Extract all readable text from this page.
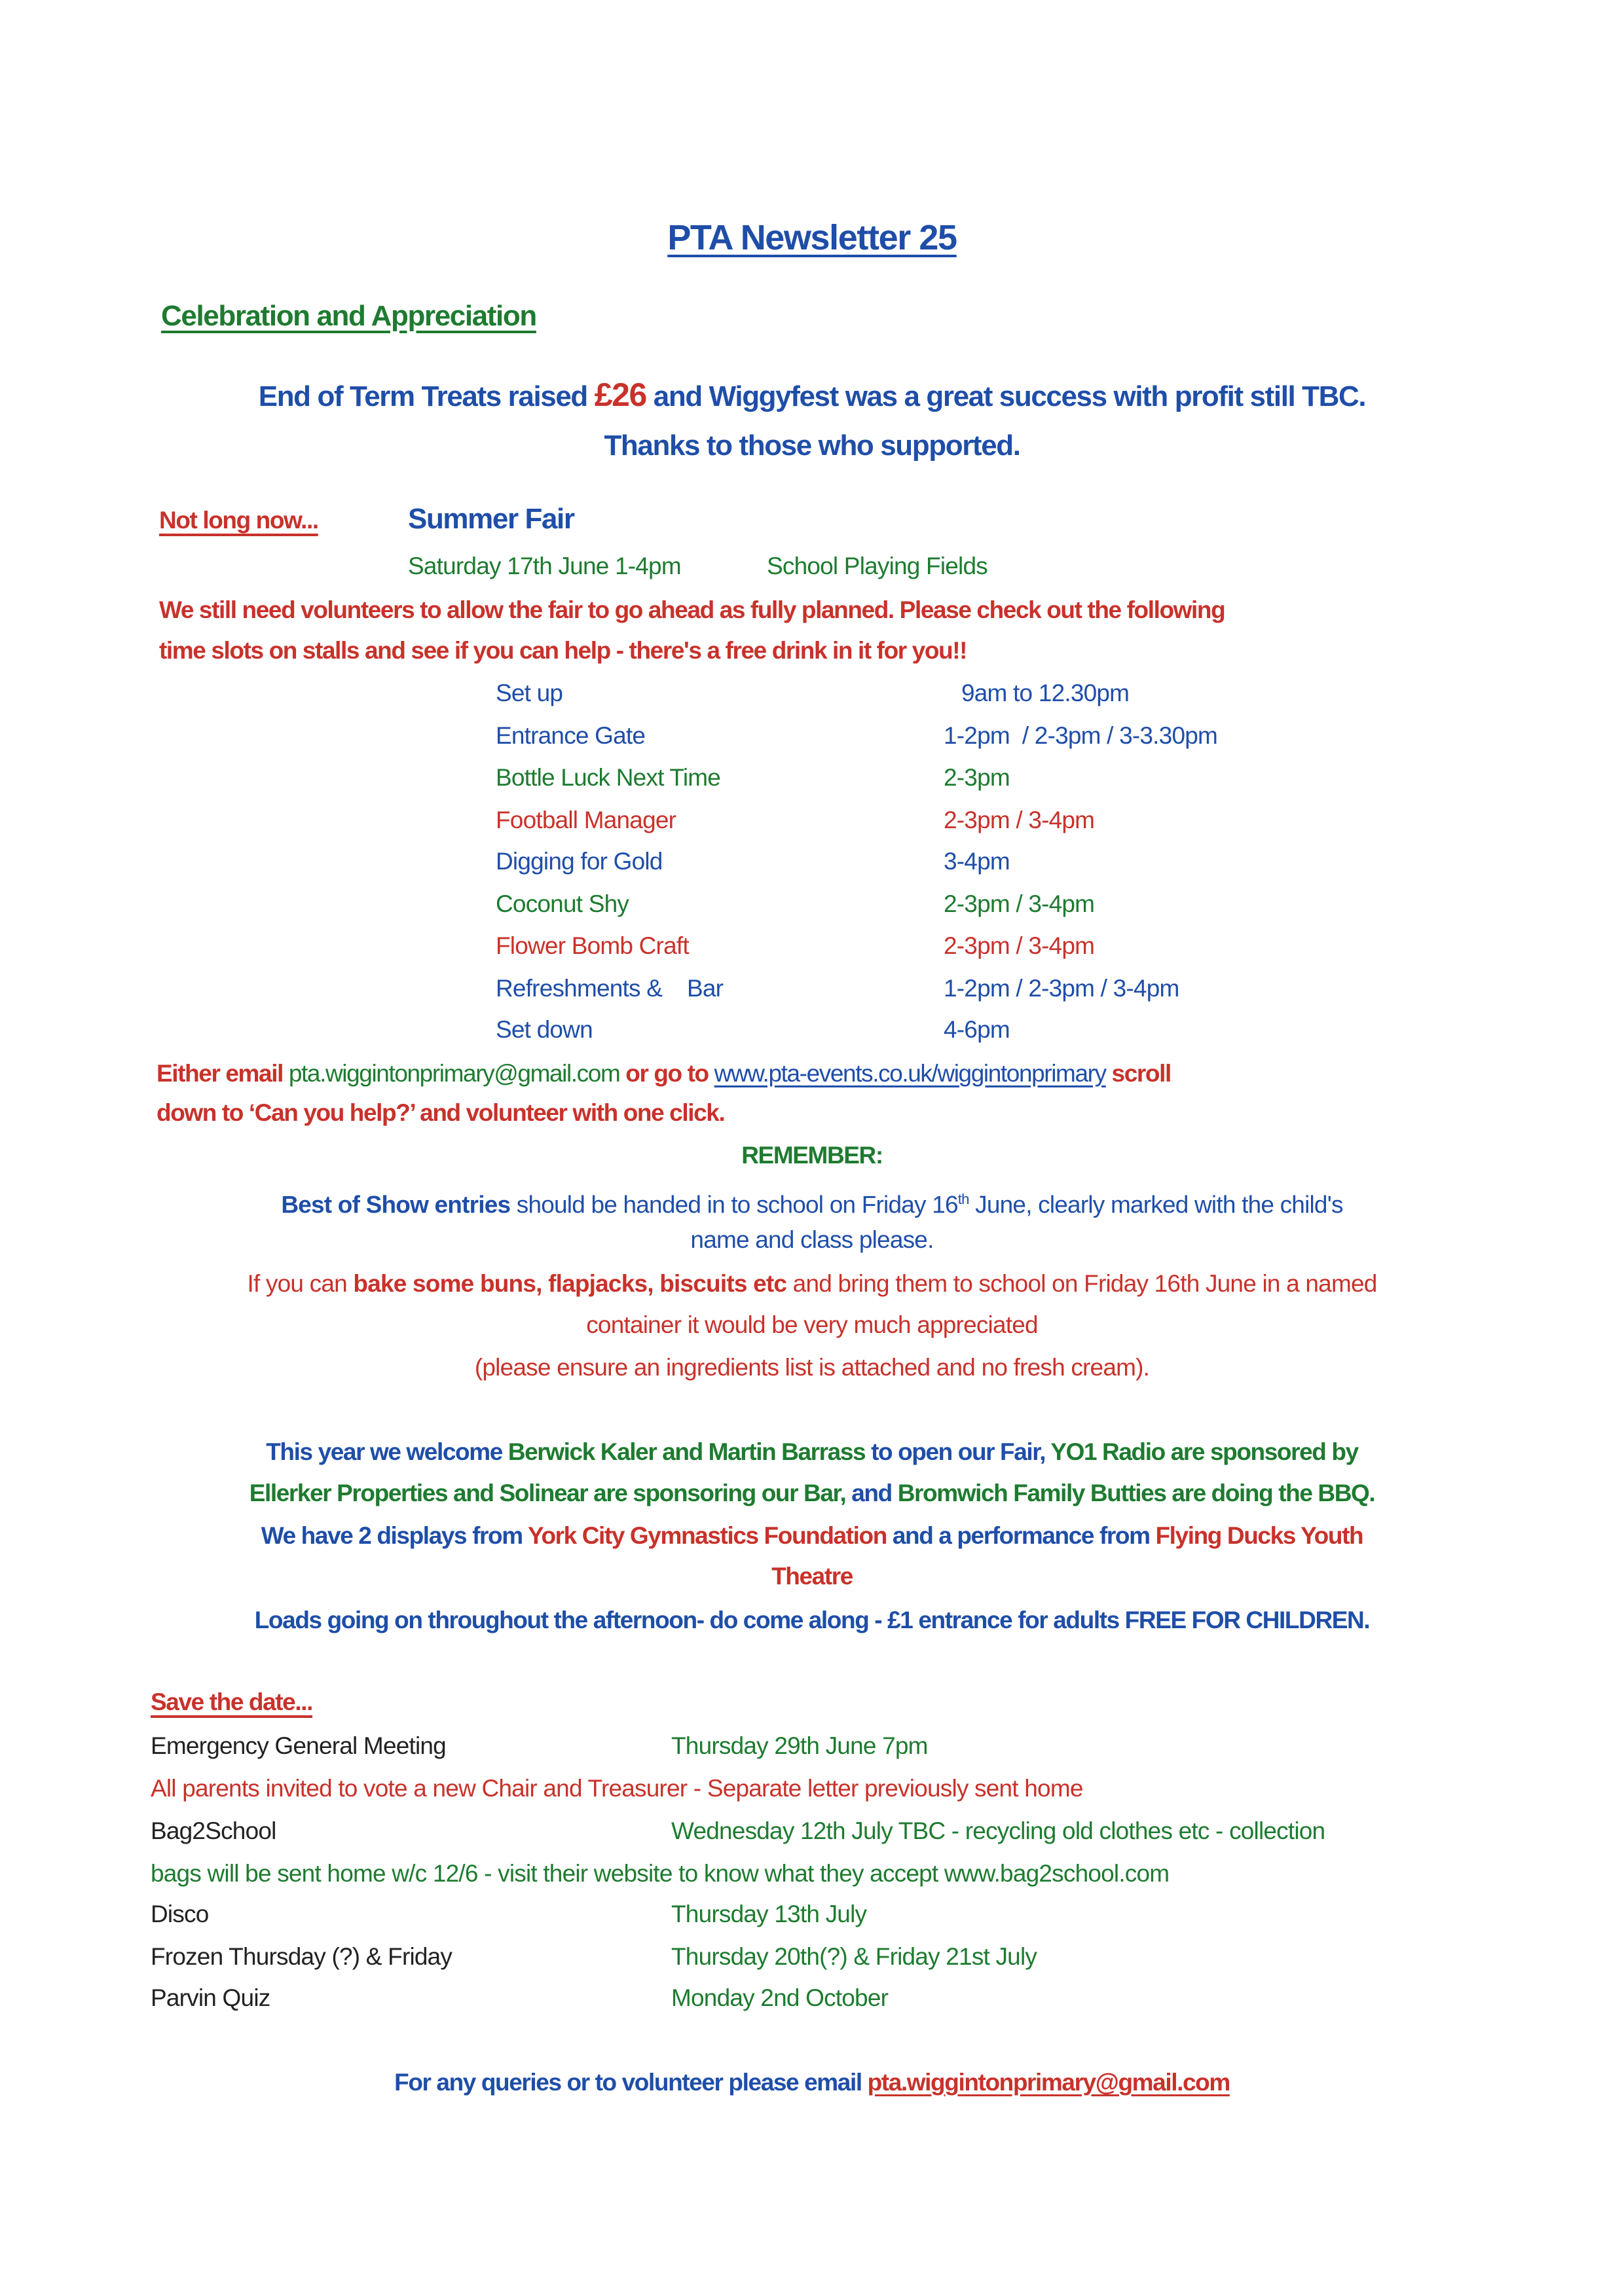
PTA Newsletter 25
Celebration and Appreciation
End of Term Treats raised £26 and Wiggyfest was a great success with profit still TBC.
Thanks to those who supported.
Not long now...	Summer Fair
Saturday 17th June 1-4pm	School Playing Fields
We still need volunteers to allow the fair to go ahead as fully planned. Please check out the following
time slots on stalls and see if you can help - there's a free drink in it for you!!
Set up	9am to 12.30pm
Entrance Gate	1-2pm  / 2-3pm / 3-3.30pm
Bottle Luck Next Time	2-3pm
Football Manager	2-3pm / 3-4pm
Digging for Gold	3-4pm
Coconut Shy	2-3pm / 3-4pm
Flower Bomb Craft	2-3pm / 3-4pm
Refreshments &    Bar	1-2pm / 2-3pm / 3-4pm
Set down	4-6pm
Either email pta.wiggintonprimary@gmail.com or go to www.pta-events.co.uk/wiggintonprimary scroll
down to ‘Can you help?’ and volunteer with one click.
REMEMBER:
Best of Show entries should be handed in to school on Friday 16th June, clearly marked with the child's
name and class please.
If you can bake some buns, flapjacks, biscuits etc and bring them to school on Friday 16th June in a named
container it would be very much appreciated
(please ensure an ingredients list is attached and no fresh cream).
This year we welcome Berwick Kaler and Martin Barrass to open our Fair, YO1 Radio are sponsored by
Ellerker Properties and Solinear are sponsoring our Bar, and Bromwich Family Butties are doing the BBQ.
We have 2 displays from York City Gymnastics Foundation and a performance from Flying Ducks Youth
Theatre
Loads going on throughout the afternoon- do come along - £1 entrance for adults FREE FOR CHILDREN.
Save the date...
Emergency General Meeting	Thursday 29th June 7pm
All parents invited to vote a new Chair and Treasurer - Separate letter previously sent home
Bag2School	Wednesday 12th July TBC - recycling old clothes etc - collection
bags will be sent home w/c 12/6 - visit their website to know what they accept www.bag2school.com
Disco	Thursday 13th July
Frozen Thursday (?) & Friday	Thursday 20th(?) & Friday 21st July
Parvin Quiz	Monday 2nd October
For any queries or to volunteer please email pta.wiggintonprimary@gmail.com
